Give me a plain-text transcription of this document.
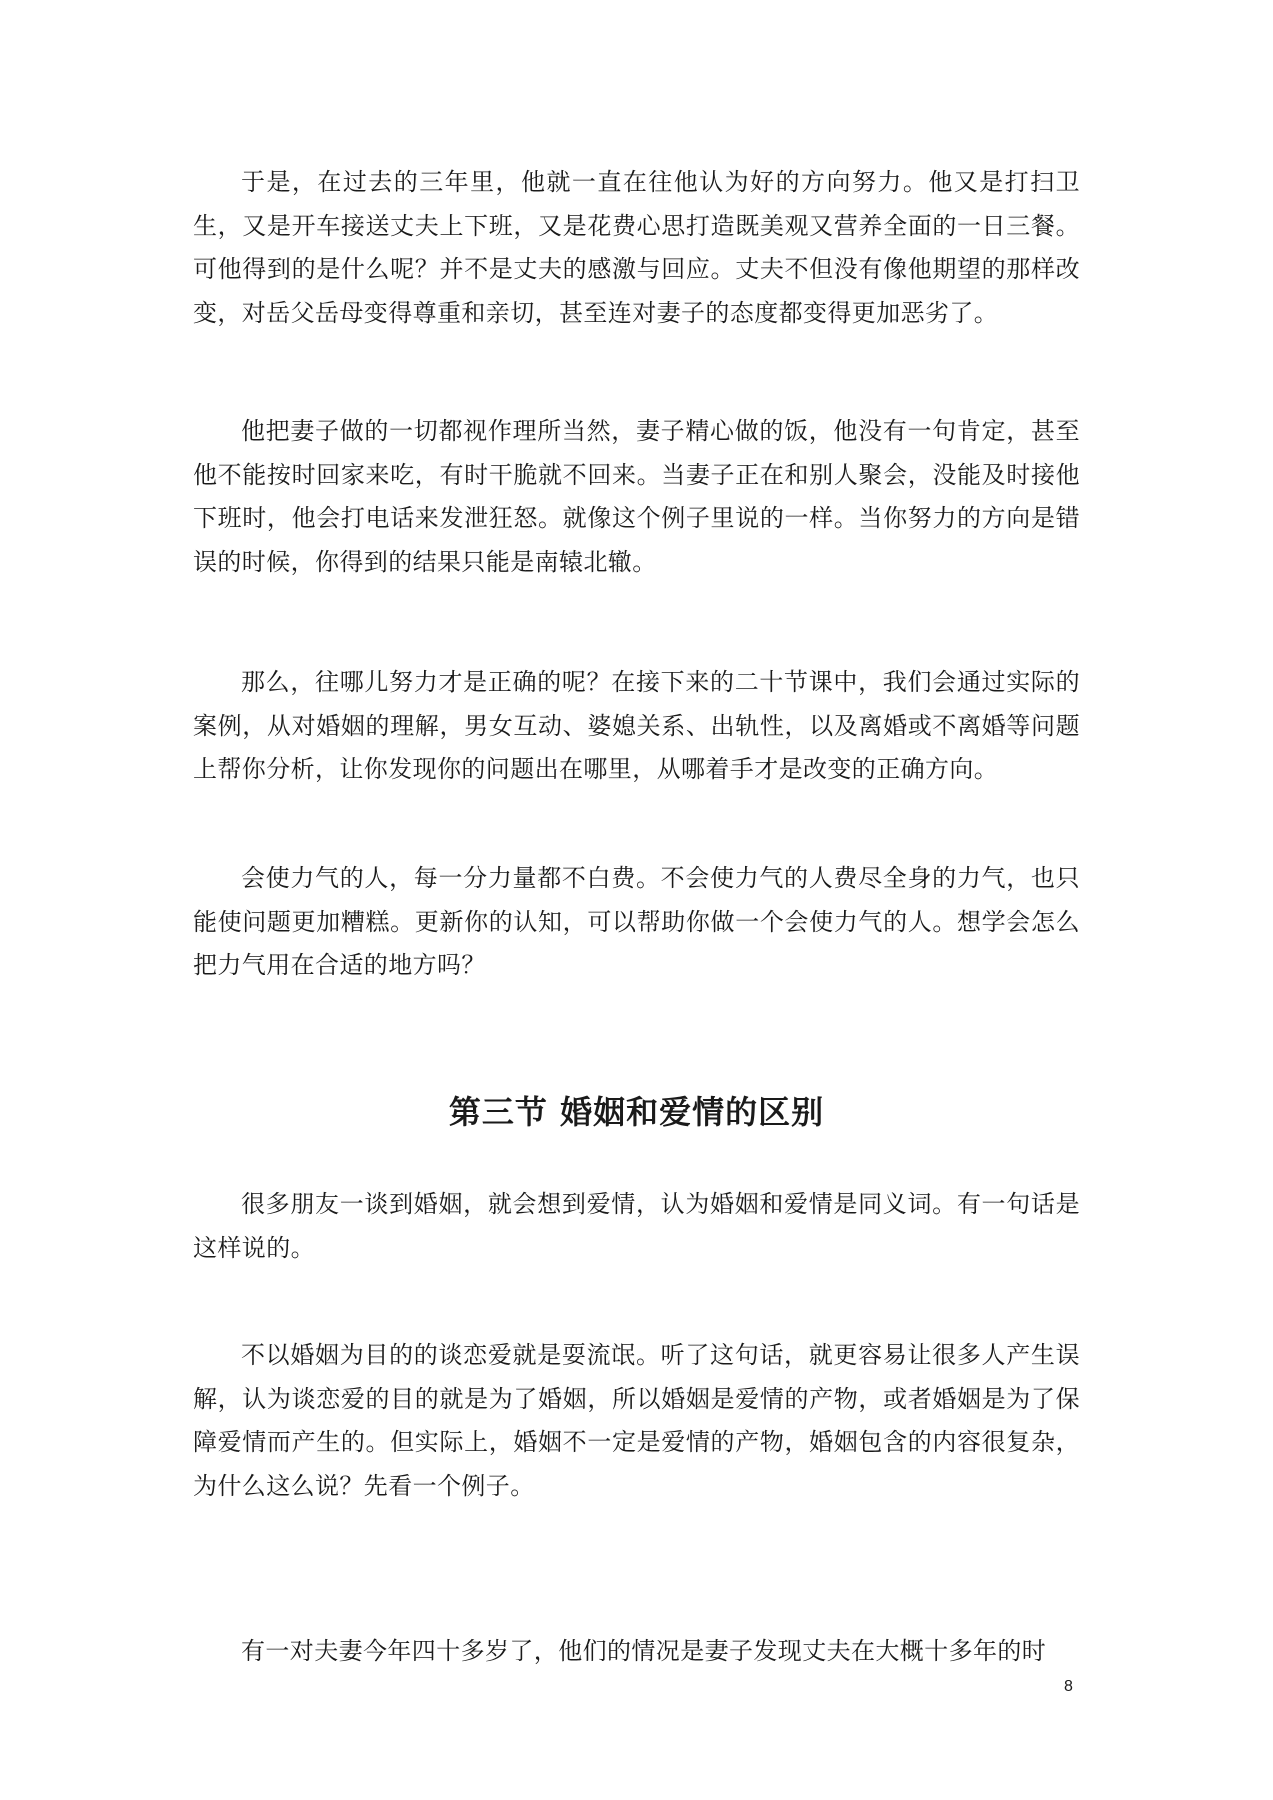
于是，在过去的三年里，他就一直在往他认为好的方向努力。他又是打扫卫生，又是开车接送丈夫上下班，又是花费心思打造既美观又营养全面的一日三餐。可他得到的是什么呢？并不是丈夫的感激与回应。丈夫不但没有像他期望的那样改变，对岳父岳母变得尊重和亲切，甚至连对妻子的态度都变得更加恶劣了。

他把妻子做的一切都视作理所当然，妻子精心做的饭，他没有一句肯定，甚至他不能按时回家来吃，有时干脆就不回来。当妻子正在和别人聚会，没能及时接他下班时，他会打电话来发泄狂怒。就像这个例子里说的一样。当你努力的方向是错误的时候，你得到的结果只能是南辕北辙。

那么，往哪儿努力才是正确的呢？在接下来的二十节课中，我们会通过实际的案例，从对婚姻的理解，男女互动、婆媳关系、出轨性，以及离婚或不离婚等问题上帮你分析，让你发现你的问题出在哪里，从哪着手才是改变的正确方向。

会使力气的人，每一分力量都不白费。不会使力气的人费尽全身的力气，也只能使问题更加糟糕。更新你的认知，可以帮助你做一个会使力气的人。想学会怎么把力气用在合适的地方吗？

第三节 婚姻和爱情的区别

很多朋友一谈到婚姻，就会想到爱情，认为婚姻和爱情是同义词。有一句话是这样说的。

不以婚姻为目的的谈恋爱就是耍流氓。听了这句话，就更容易让很多人产生误解，认为谈恋爱的目的就是为了婚姻，所以婚姻是爱情的产物，或者婚姻是为了保障爱情而产生的。但实际上，婚姻不一定是爱情的产物，婚姻包含的内容很复杂，为什么这么说？先看一个例子。

有一对夫妻今年四十多岁了，他们的情况是妻子发现丈夫在大概十多年的时

8
